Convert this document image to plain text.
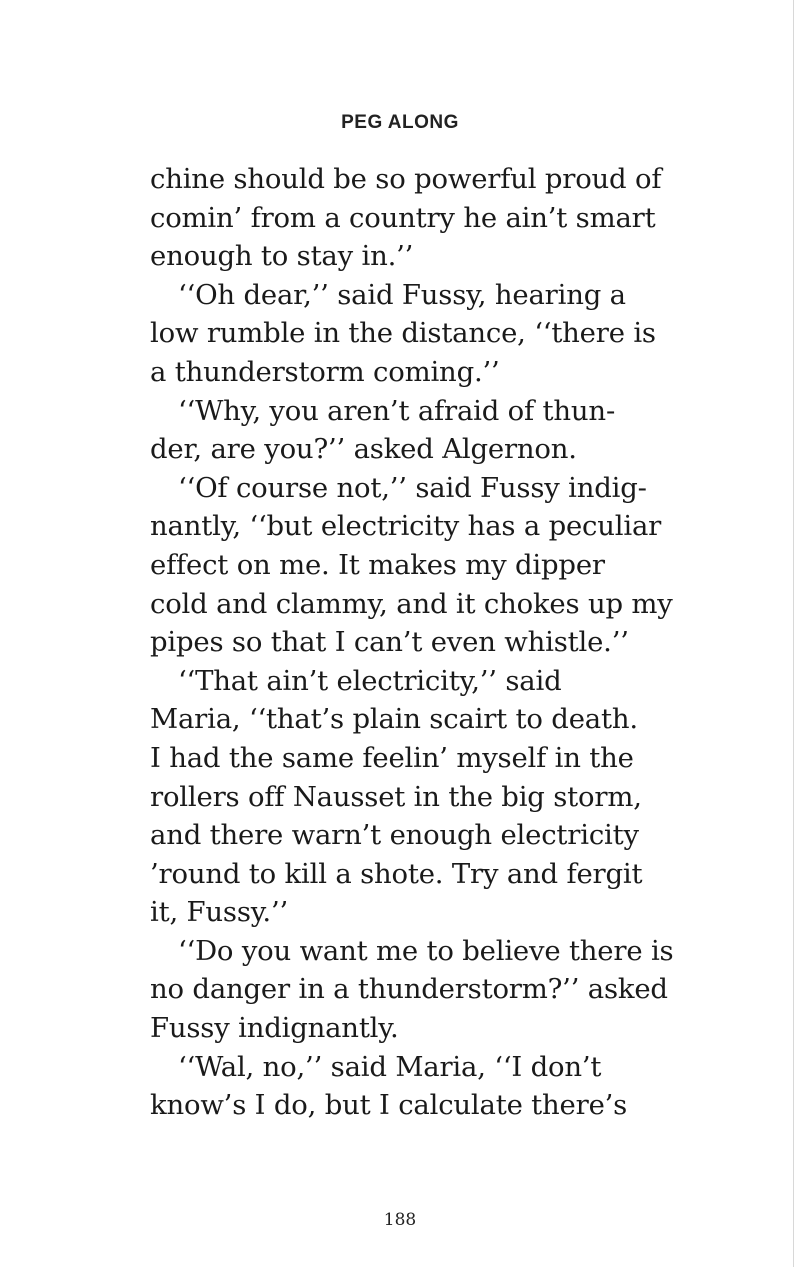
PEG ALONG
chine should be so powerful proud of
comin’ from a country he ain’t smart
enough to stay in.’’
‘‘Oh dear,’’ said Fussy, hearing a
low rumble in the distance, ‘‘there is
a thunderstorm coming.’’
‘‘Why, you aren’t afraid of thun-
der, are you?’’ asked Algernon.
‘‘Of course not,’’ said Fussy indig-
nantly, ‘‘but electricity has a peculiar
effect on me. It makes my dipper
cold and clammy, and it chokes up my
pipes so that I can’t even whistle.’’
‘‘That ain’t electricity,’’ said
Maria, ‘‘that’s plain scairt to death.
I had the same feelin’ myself in the
rollers off Nausset in the big storm,
and there warn’t enough electricity
’round to kill a shote. Try and fergit
it, Fussy.’’
‘‘Do you want me to believe there is
no danger in a thunderstorm?’’ asked
Fussy indignantly.
‘‘Wal, no,’’ said Maria, ‘‘I don’t
know’s I do, but I calculate there’s
188
